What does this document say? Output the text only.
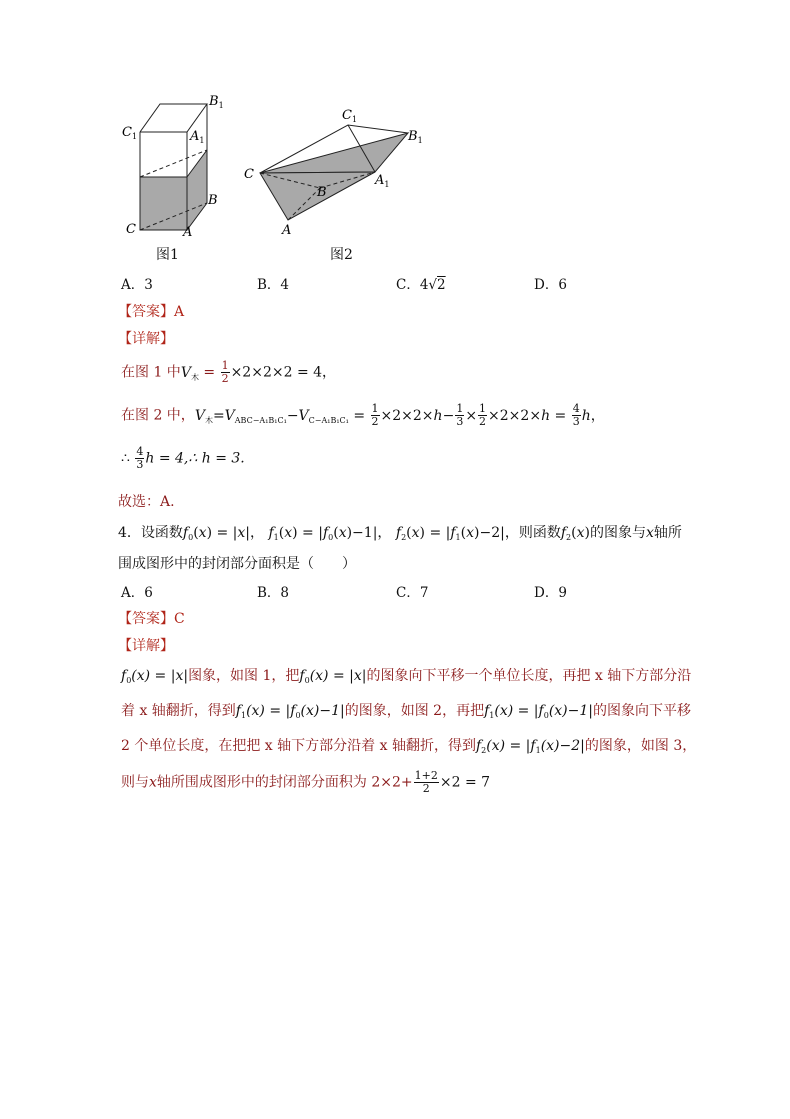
$B_1$
$C_1$	$A_1$
B
C	A
图1
$C_1$
$B_1$
C	$A_1$
B
A
图2
A．3	B．4	C．4√2	D．6
【答案】A
【详解】
在图 1 中$V_木 = \frac{1}{2} \times 2\times 2\times 2 = 4$，
在图 2 中，$V_木=V_{ABC-A_1B_1C_1}-V_{C-A_1B_1C_1} = \frac{1}{2} \times 2\times 2\times h- \frac{1}{3} \times \frac{1}{2} \times 2\times 2\times h = \frac{4}{3}$ h，
∴ $\frac{4}{3}$ h = 4,∴ h = 3.
故选：A.
4．设函数$f_0(x) = |x|$， $f_1(x) = |f_0(x)-1|$， $f_2(x) = |f_1(x)-2|$，则函数$f_2(x)$的图象与x轴所
围成图形中的封闭部分面积是（　　）
A．6	B．8	C．7	D．9
【答案】C
【详解】
$f_0(x) = |x|$图象，如图 1，把$f_0(x) = |x|$的图象向下平移一个单位长度，再把 x 轴下方部分沿
着 x 轴翻折，得到$f_1(x) = |f_0(x)-1|$的图象，如图 2，再把$f_1(x) = |f_0(x)-1|$的图象向下平移
2 个单位长度，在把把 x 轴下方部分沿着 x 轴翻折，得到$f_2(x) = |f_1(x)-2|$的图象，如图 3，
则与x轴所围成图形中的封闭部分面积为 $2\times 2+ \frac{1+2}{2} \times 2 = 7$
